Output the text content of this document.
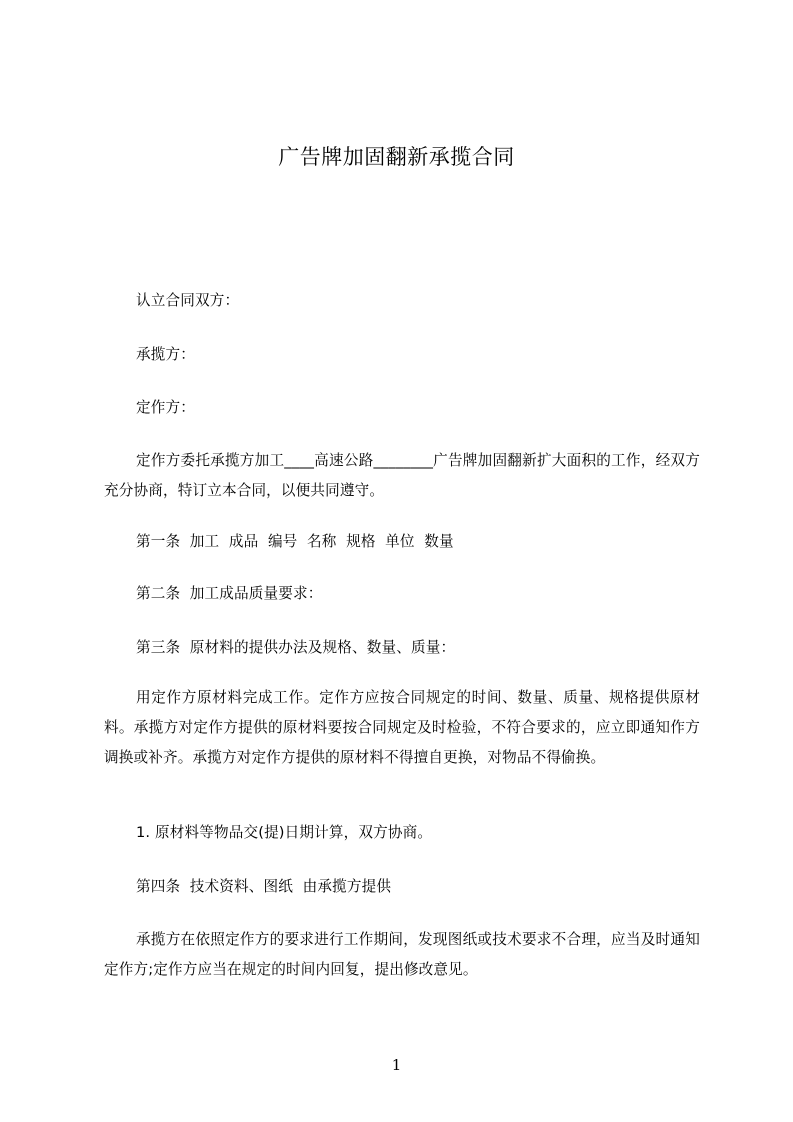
广告牌加固翻新承揽合同
认立合同双方：
承揽方：
定作方：
定作方委托承揽方加工____高速公路________广告牌加固翻新扩大面积的工作，经双方充分协商，特订立本合同，以便共同遵守。
第一条  加工  成品  编号  名称  规格  单位  数量
第二条  加工成品质量要求：
第三条  原材料的提供办法及规格、数量、质量：
用定作方原材料完成工作。定作方应按合同规定的时间、数量、质量、规格提供原材料。承揽方对定作方提供的原材料要按合同规定及时检验，不符合要求的，应立即通知作方调换或补齐。承揽方对定作方提供的原材料不得擅自更换，对物品不得偷换。
1. 原材料等物品交(提)日期计算，双方协商。
第四条  技术资料、图纸  由承揽方提供
承揽方在依照定作方的要求进行工作期间，发现图纸或技术要求不合理，应当及时通知定作方;定作方应当在规定的时间内回复，提出修改意见。
1
